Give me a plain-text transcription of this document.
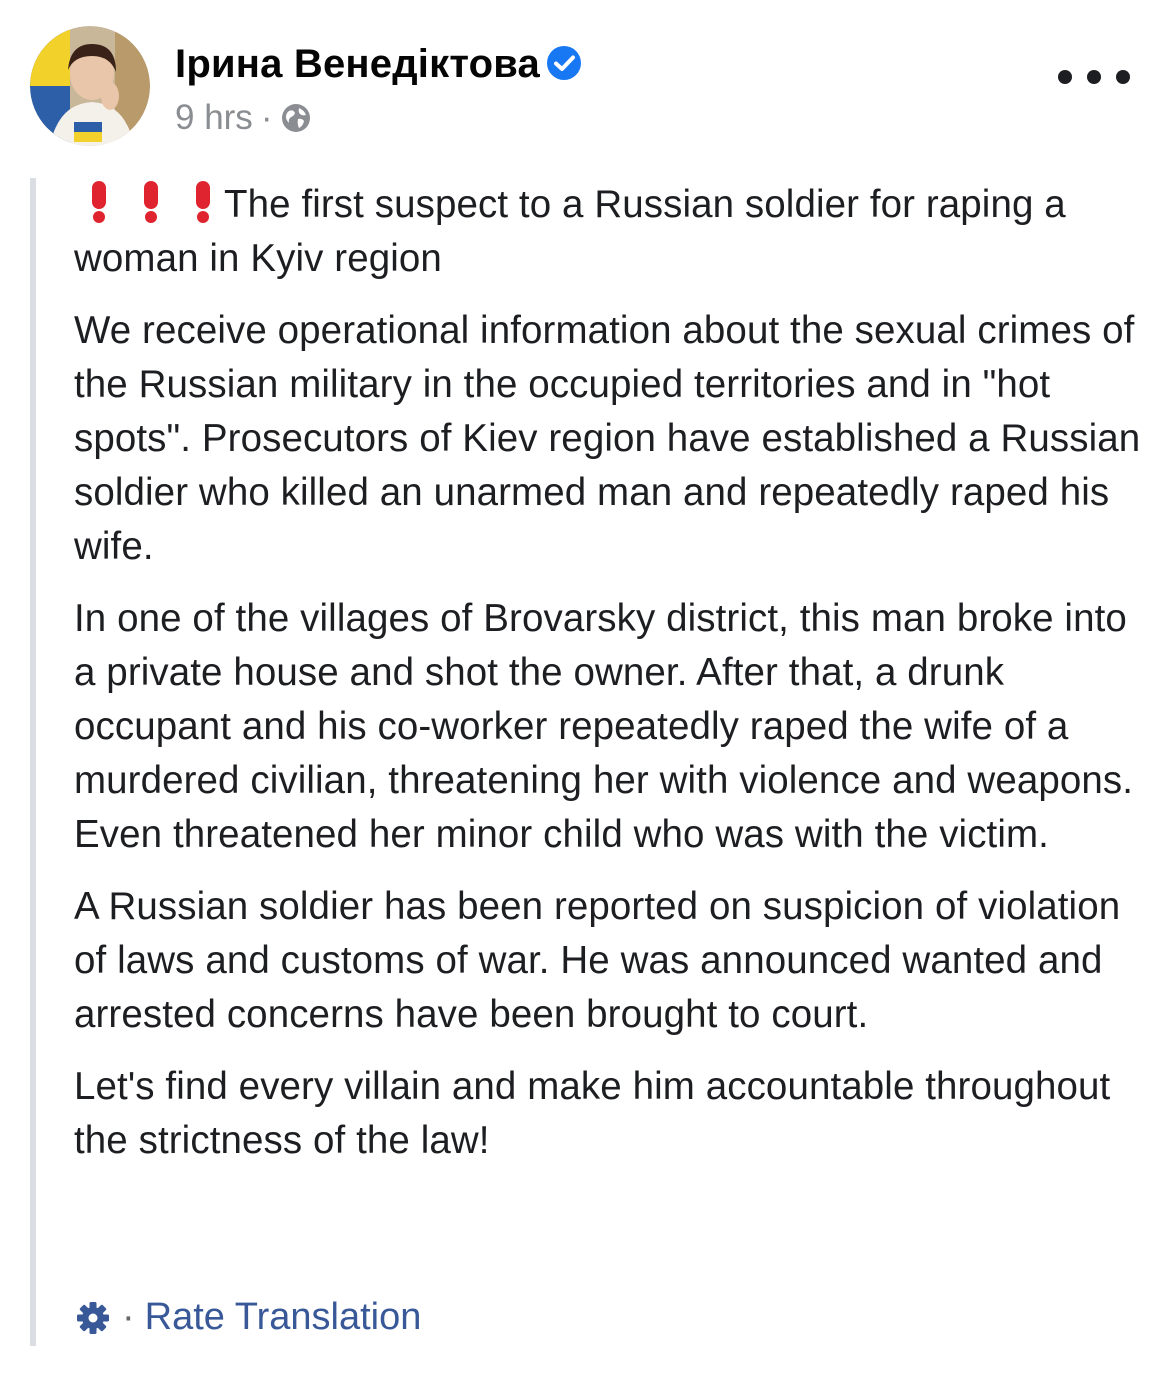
Ірина Венедіктова
9 hrs ·

The first suspect to a Russian soldier for raping a woman in Kyiv region

We receive operational information about the sexual crimes of the Russian military in the occupied territories and in "hot spots". Prosecutors of Kiev region have established a Russian soldier who killed an unarmed man and repeatedly raped his wife.

In one of the villages of Brovarsky district, this man broke into a private house and shot the owner. After that, a drunk occupant and his co-worker repeatedly raped the wife of a murdered civilian, threatening her with violence and weapons. Even threatened her minor child who was with the victim.

A Russian soldier has been reported on suspicion of violation of laws and customs of war. He was announced wanted and arrested concerns have been brought to court.

Let's find every villain and make him accountable throughout the strictness of the law!

· Rate Translation
